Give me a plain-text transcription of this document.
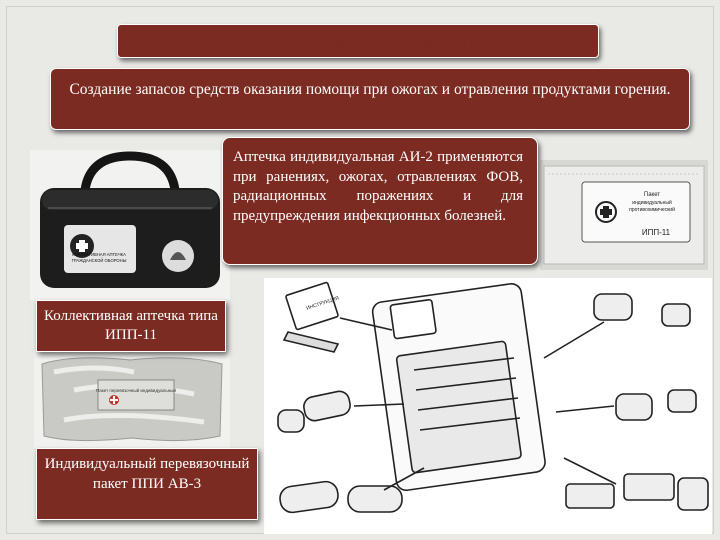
КОЛЛЕКТИВНАЯ АПТЕЧКА
ГРАЖДАНСКОЙ ОБОРОНЫ
Пакет
индивидуальный
противохимический
ИПП-11
Пакет перевязочный индивидуальный
ИНСТРУКЦИЯ
4.Медико-профилактические мероприятия
Создание запасов средств оказания помощи при ожогах и отравления продуктами горения.
Аптечка индивидуальная АИ-2 применяются при ранениях, ожогах, отравлениях ФОВ, радиационных поражениях и для предупреждения инфекционных болезней.
Коллективная аптечка типа ИПП-11
Индивидуальный перевязочный пакет ППИ АВ-3
